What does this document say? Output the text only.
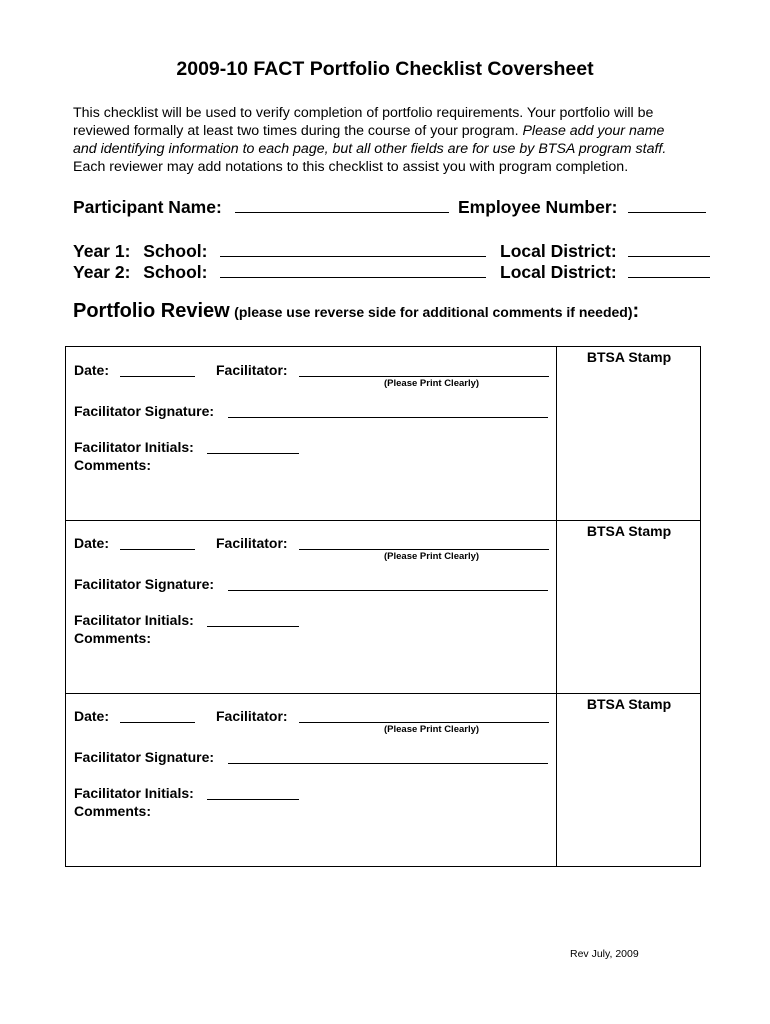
2009-10 FACT Portfolio Checklist Coversheet
This checklist will be used to verify completion of portfolio requirements. Your portfolio will be
reviewed formally at least two times during the course of your program. Please add your name
and identifying information to each page, but all other fields are for use by BTSA program staff.
Each reviewer may add notations to this checklist to assist you with program completion.
Participant Name:	Employee Number:
Year 1: School:	Local District:
Year 2: School:	Local District:
Portfolio Review (please use reverse side for additional comments if needed):
BTSA Stamp
Date:	Facilitator:
(Please Print Clearly)
Facilitator Signature:
Facilitator Initials:
Comments:
BTSA Stamp
Date:	Facilitator:
(Please Print Clearly)
Facilitator Signature:
Facilitator Initials:
Comments:
BTSA Stamp
Date:	Facilitator:
(Please Print Clearly)
Facilitator Signature:
Facilitator Initials:
Comments:
Rev July, 2009
